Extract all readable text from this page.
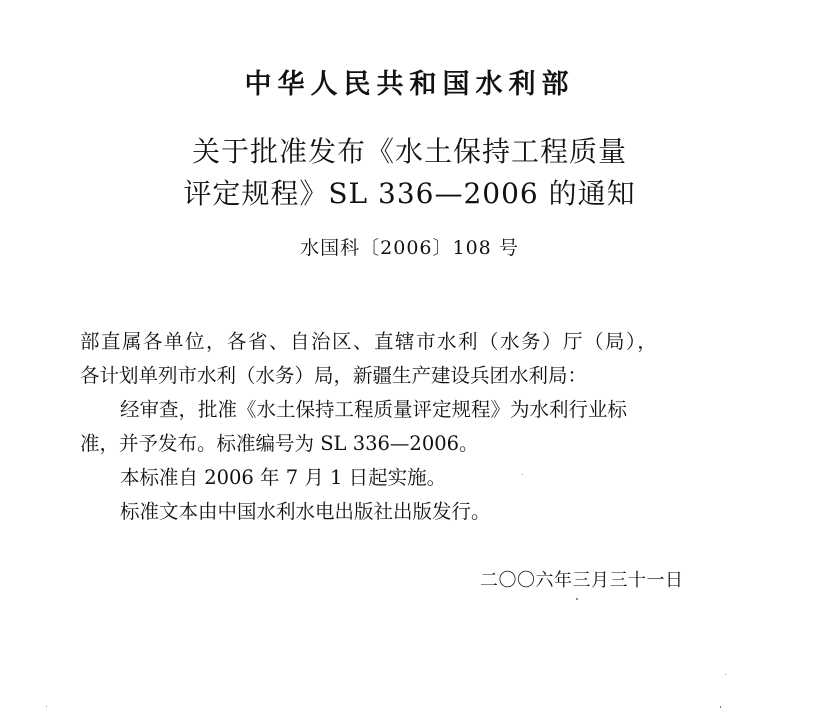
中华人民共和国水利部
关于批准发布《水土保持工程质量
评定规程》SL 336—2006 的通知
水国科〔2006〕108 号
部直属各单位，各省、自治区、直辖市水利（水务）厅（局），
各计划单列市水利（水务）局，新疆生产建设兵团水利局：
经审查，批准《水土保持工程质量评定规程》为水利行业标
准，并予发布。标准编号为 SL 336—2006。
本标准自 2006 年 7 月 1 日起实施。
标准文本由中国水利水电出版社出版发行。
二〇〇六年三月三十一日
